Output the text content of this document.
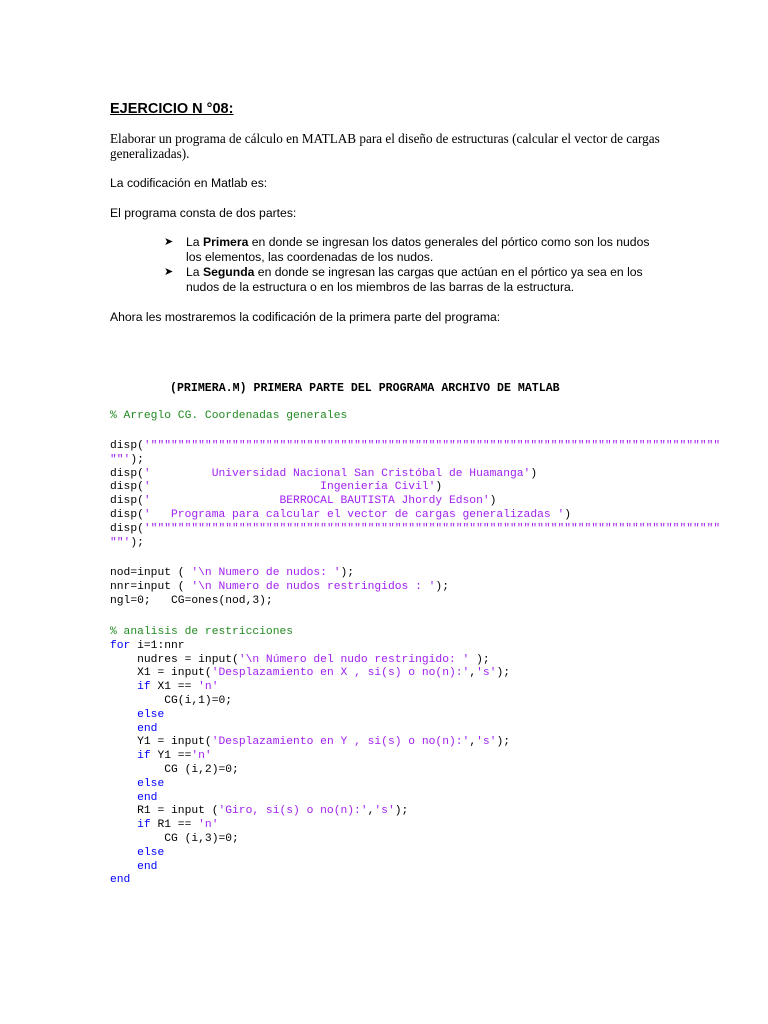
EJERCICIO N °08:
Elaborar un programa de cálculo en MATLAB para el diseño de estructuras (calcular el vector de cargas generalizadas).
La codificación en Matlab es:
El programa consta de dos partes:
➤ La Primera en donde se ingresan los datos generales del pórtico como son los nudos los elementos, las coordenadas de los nudos.
➤ La Segunda en donde se ingresan las cargas que actúan en el pórtico ya sea en los nudos de la estructura o en los miembros de las barras de la estructura.
Ahora les mostraremos la codificación de la primera parte del programa:
(PRIMERA.M) PRIMERA PARTE DEL PROGRAMA ARCHIVO DE MATLAB
% Arreglo CG. Coordenadas generales
disp('""""""""""""""""""""""""""""""""""""""""""""""""""""""""""""""""""""""""""""""""""""
""');
disp('         Universidad Nacional San Cristóbal de Huamanga')
disp('                         Ingeniería Civil')
disp('                   BERROCAL BAUTISTA Jhordy Edson')
disp('   Programa para calcular el vector de cargas generalizadas ')
disp('""""""""""""""""""""""""""""""""""""""""""""""""""""""""""""""""""""""""""""""""""""
""');
nod=input ( '\n Numero de nudos: ');
nnr=input ( '\n Numero de nudos restringidos : ');
ngl=0;   CG=ones(nod,3);
% analisis de restricciones
for i=1:nnr
nudres = input('\n Número del nudo restringido: ' );
X1 = input('Desplazamiento en X , si(s) o no(n):','s');
if X1 == 'n'
CG(i,1)=0;
else
end
Y1 = input('Desplazamiento en Y , si(s) o no(n):','s');
if Y1 =='n'
CG (i,2)=0;
else
end
R1 = input ('Giro, si(s) o no(n):','s');
if R1 == 'n'
CG (i,3)=0;
else
end
end
